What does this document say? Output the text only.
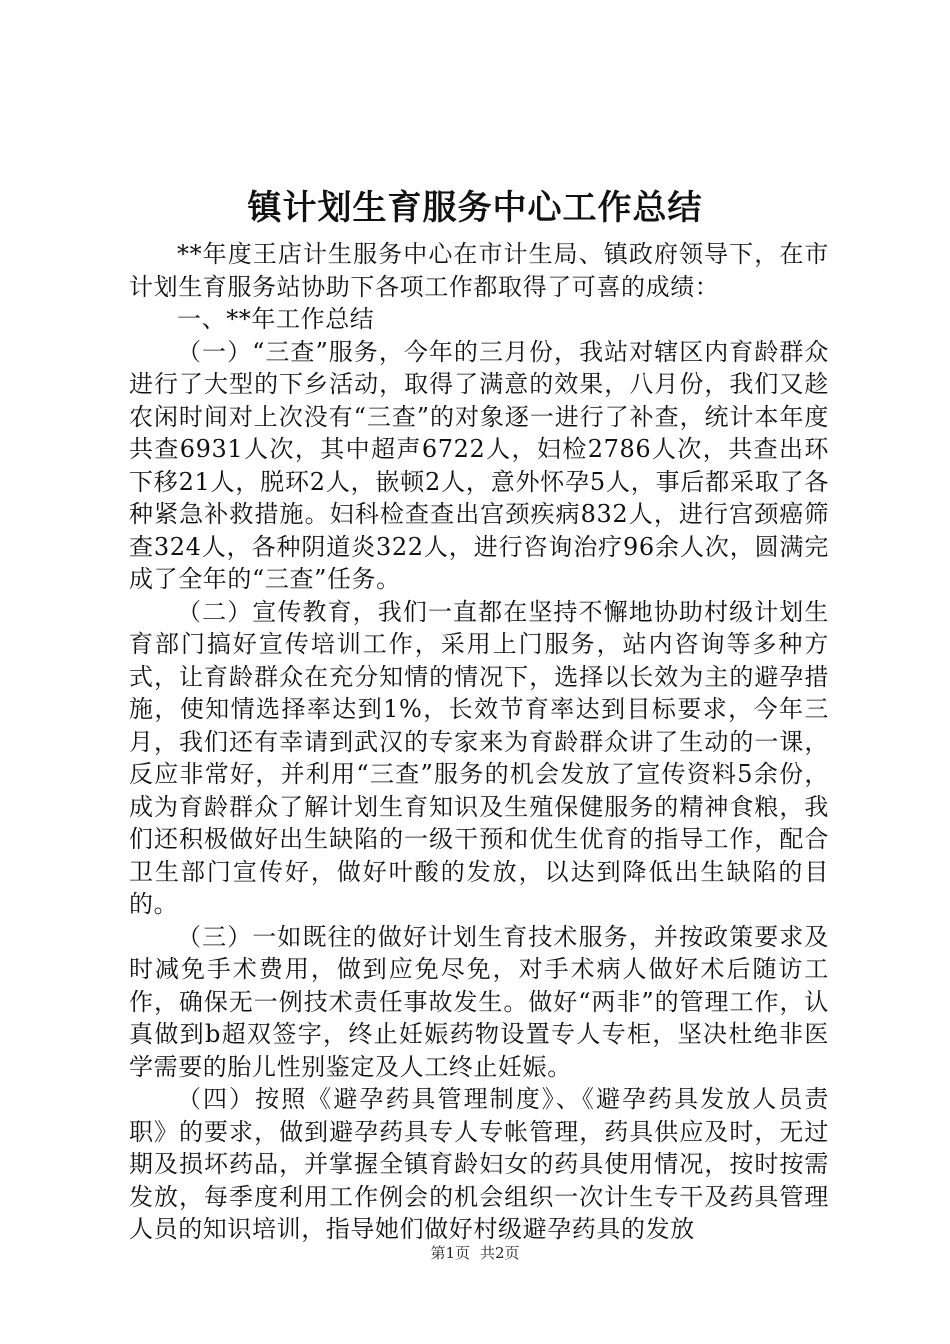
镇计划生育服务中心工作总结

**年度王店计生服务中心在市计生局、镇政府领导下，在市计划生育服务站协助下各项工作都取得了可喜的成绩：

一、**年工作总结

（一）“三查”服务，今年的三月份，我站对辖区内育龄群众进行了大型的下乡活动，取得了满意的效果，八月份，我们又趁农闲时间对上次没有“三查”的对象逐一进行了补查，统计本年度共查6931人次，其中超声6722人，妇检2786人次，共查出环下移21人，脱环2人，嵌顿2人，意外怀孕5人，事后都采取了各种紧急补救措施。妇科检查查出宫颈疾病832人，进行宫颈癌筛查324人，各种阴道炎322人，进行咨询治疗96余人次，圆满完成了全年的“三查”任务。

（二）宣传教育，我们一直都在坚持不懈地协助村级计划生育部门搞好宣传培训工作，采用上门服务，站内咨询等多种方式，让育龄群众在充分知情的情况下，选择以长效为主的避孕措施，使知情选择率达到1%，长效节育率达到目标要求，今年三月，我们还有幸请到武汉的专家来为育龄群众讲了生动的一课，反应非常好，并利用“三查”服务的机会发放了宣传资料5余份，成为育龄群众了解计划生育知识及生殖保健服务的精神食粮，我们还积极做好出生缺陷的一级干预和优生优育的指导工作，配合卫生部门宣传好，做好叶酸的发放，以达到降低出生缺陷的目的。

（三）一如既往的做好计划生育技术服务，并按政策要求及时减免手术费用，做到应免尽免，对手术病人做好术后随访工作，确保无一例技术责任事故发生。做好“两非”的管理工作，认真做到b超双签字，终止妊娠药物设置专人专柜，坚决杜绝非医学需要的胎儿性别鉴定及人工终止妊娠。

（四）按照《避孕药具管理制度》、《避孕药具发放人员责职》的要求，做到避孕药具专人专帐管理，药具供应及时，无过期及损坏药品，并掌握全镇育龄妇女的药具使用情况，按时按需发放，每季度利用工作例会的机会组织一次计生专干及药具管理人员的知识培训，指导她们做好村级避孕药具的发放

第1页 共2页
